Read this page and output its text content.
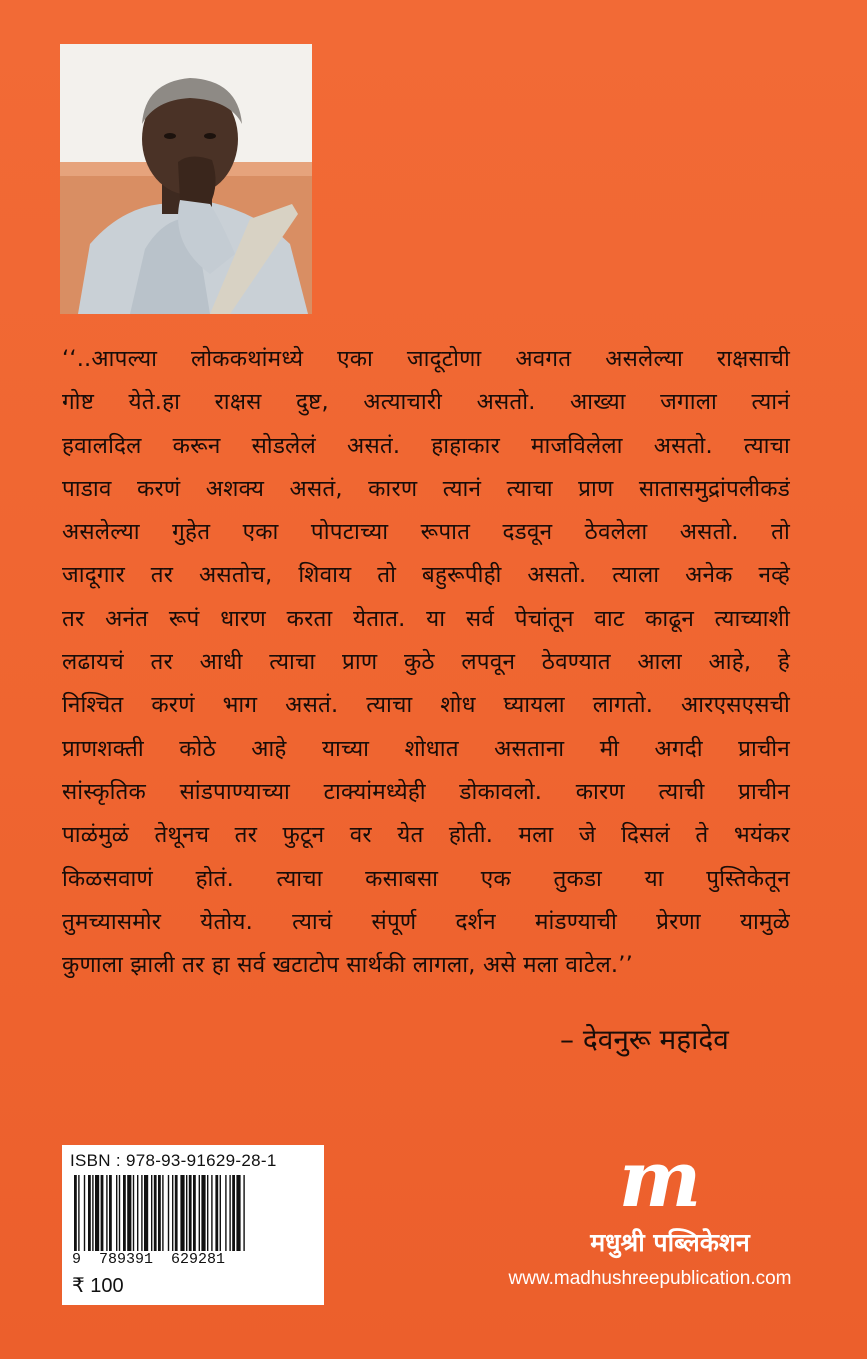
‘‘..आपल्या लोककथांमध्ये एका जादूटोणा अवगत असलेल्या राक्षसाची
गोष्ट येते.हा राक्षस दुष्ट, अत्याचारी असतो. आख्या जगाला त्यानं
हवालदिल करून सोडलेलं असतं. हाहाकार माजविलेला असतो. त्याचा
पाडाव करणं अशक्य असतं, कारण त्यानं त्याचा प्राण सातासमुद्रांपलीकडं
असलेल्या गुहेत एका पोपटाच्या रूपात दडवून ठेवलेला असतो. तो
जादूगार तर असतोच, शिवाय तो बहुरूपीही असतो. त्याला अनेक नव्हे
तर अनंत रूपं धारण करता येतात. या सर्व पेचांतून वाट काढून त्याच्याशी
लढायचं तर आधी त्याचा प्राण कुठे लपवून ठेवण्यात आला आहे, हे
निश्चित करणं भाग असतं. त्याचा शोध घ्यायला लागतो. आरएसएसची
प्राणशक्ती कोठे आहे याच्या शोधात असताना मी अगदी प्राचीन
सांस्कृतिक सांडपाण्याच्या टाक्यांमध्येही डोकावलो. कारण त्याची प्राचीन
पाळंमुळं तेथूनच तर फुटून वर येत होती. मला जे दिसलं ते भयंकर
किळसवाणं होतं. त्याचा कसाबसा एक तुकडा या पुस्तिकेतून
तुमच्यासमोर येतोय. त्याचं संपूर्ण दर्शन मांडण्याची प्रेरणा यामुळे
कुणाला झाली तर हा सर्व खटाटोप सार्थकी लागला, असे मला वाटेल.’’
– देवनुरू महादेव
ISBN : 978-93-91629-28-1
9  789391  629281
₹ 100
m
मधुश्री पब्लिकेशन
www.madhushreepublication.com
